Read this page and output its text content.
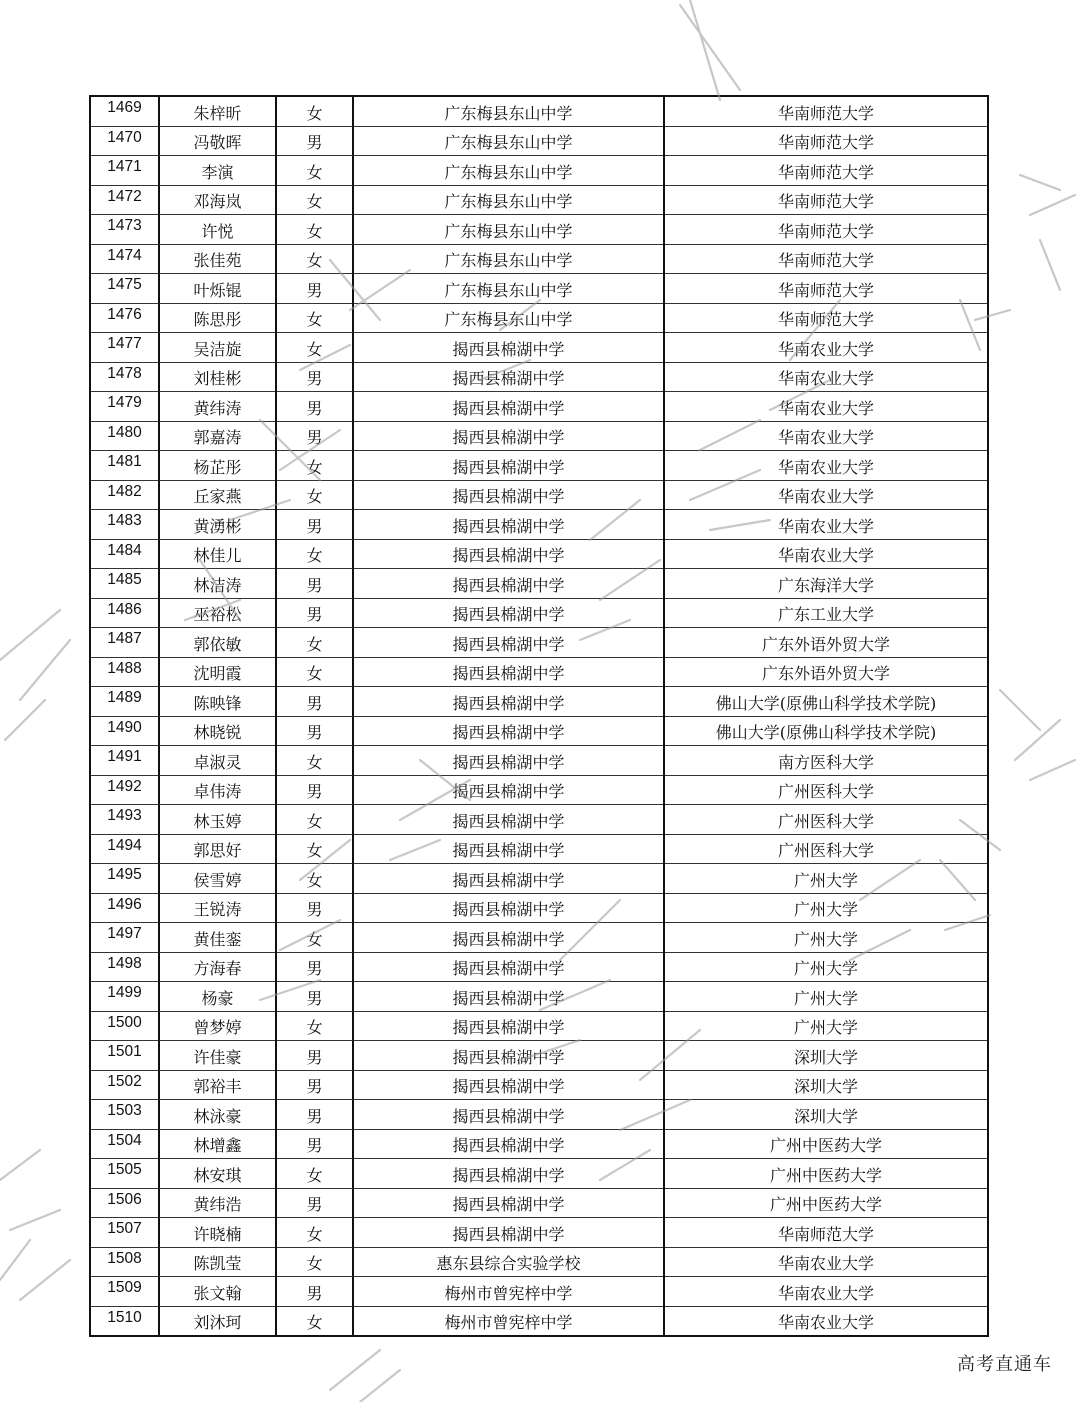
1469	朱梓昕	女	广东梅县东山中学	华南师范大学
1470	冯敬晖	男	广东梅县东山中学	华南师范大学
1471	李演	女	广东梅县东山中学	华南师范大学
1472	邓海岚	女	广东梅县东山中学	华南师范大学
1473	许悦	女	广东梅县东山中学	华南师范大学
1474	张佳苑	女	广东梅县东山中学	华南师范大学
1475	叶烁锟	男	广东梅县东山中学	华南师范大学
1476	陈思彤	女	广东梅县东山中学	华南师范大学
1477	吴洁旋	女	揭西县棉湖中学	华南农业大学
1478	刘桂彬	男	揭西县棉湖中学	华南农业大学
1479	黄纬涛	男	揭西县棉湖中学	华南农业大学
1480	郭嘉涛	男	揭西县棉湖中学	华南农业大学
1481	杨芷彤	女	揭西县棉湖中学	华南农业大学
1482	丘家燕	女	揭西县棉湖中学	华南农业大学
1483	黄湧彬	男	揭西县棉湖中学	华南农业大学
1484	林佳儿	女	揭西县棉湖中学	华南农业大学
1485	林洁涛	男	揭西县棉湖中学	广东海洋大学
1486	巫裕松	男	揭西县棉湖中学	广东工业大学
1487	郭依敏	女	揭西县棉湖中学	广东外语外贸大学
1488	沈明霞	女	揭西县棉湖中学	广东外语外贸大学
1489	陈映锋	男	揭西县棉湖中学	佛山大学(原佛山科学技术学院)
1490	林晓锐	男	揭西县棉湖中学	佛山大学(原佛山科学技术学院)
1491	卓淑灵	女	揭西县棉湖中学	南方医科大学
1492	卓伟涛	男	揭西县棉湖中学	广州医科大学
1493	林玉婷	女	揭西县棉湖中学	广州医科大学
1494	郭思好	女	揭西县棉湖中学	广州医科大学
1495	侯雪婷	女	揭西县棉湖中学	广州大学
1496	王锐涛	男	揭西县棉湖中学	广州大学
1497	黄佳銮	女	揭西县棉湖中学	广州大学
1498	方海春	男	揭西县棉湖中学	广州大学
1499	杨豪	男	揭西县棉湖中学	广州大学
1500	曾梦婷	女	揭西县棉湖中学	广州大学
1501	许佳豪	男	揭西县棉湖中学	深圳大学
1502	郭裕丰	男	揭西县棉湖中学	深圳大学
1503	林泳豪	男	揭西县棉湖中学	深圳大学
1504	林增鑫	男	揭西县棉湖中学	广州中医药大学
1505	林安琪	女	揭西县棉湖中学	广州中医药大学
1506	黄纬浩	男	揭西县棉湖中学	广州中医药大学
1507	许晓楠	女	揭西县棉湖中学	华南师范大学
1508	陈凯莹	女	惠东县综合实验学校	华南农业大学
1509	张文翰	男	梅州市曾宪梓中学	华南农业大学
1510	刘沐珂	女	梅州市曾宪梓中学	华南农业大学
高考直通车
